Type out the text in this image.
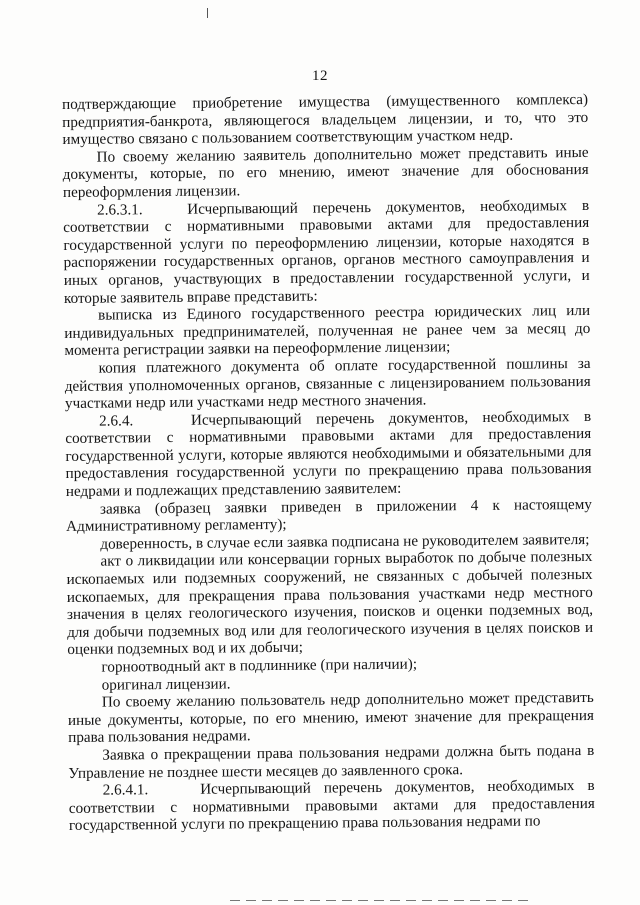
12

подтверждающие приобретение имущества (имущественного комплекса) предприятия-банкрота, являющегося владельцем лицензии, и то, что это имущество связано с пользованием соответствующим участком недр.

По своему желанию заявитель дополнительно может представить иные документы, которые, по его мнению, имеют значение для обоснования переоформления лицензии.

2.6.3.1.   Исчерпывающий перечень документов, необходимых в соответствии с нормативными правовыми актами для предоставления государственной услуги по переоформлению лицензии, которые находятся в распоряжении государственных органов, органов местного самоуправления и иных органов, участвующих в предоставлении государственной услуги, и которые заявитель вправе представить:

выписка из Единого государственного реестра юридических лиц или индивидуальных предпринимателей, полученная не ранее чем за месяц до момента регистрации заявки на переоформление лицензии;

копия платежного документа об оплате государственной пошлины за действия уполномоченных органов, связанные с лицензированием пользования участками недр или участками недр местного значения.

2.6.4.    Исчерпывающий перечень документов, необходимых в соответствии с нормативными правовыми актами для предоставления государственной услуги, которые являются необходимыми и обязательными для предоставления государственной услуги по прекращению права пользования недрами и подлежащих представлению заявителем:

заявка (образец заявки приведен в приложении 4 к настоящему Административному регламенту);

доверенность, в случае если заявка подписана не руководителем заявителя;

акт о ликвидации или консервации горных выработок по добыче полезных ископаемых или подземных сооружений, не связанных с добычей полезных ископаемых, для прекращения права пользования участками недр местного значения в целях геологического изучения, поисков и оценки подземных вод, для добычи подземных вод или для геологического изучения в целях поисков и оценки подземных вод и их добычи;

горноотводный акт в подлиннике (при наличии);

оригинал лицензии.

По своему желанию пользователь недр дополнительно может представить иные документы, которые, по его мнению, имеют значение для прекращения права пользования недрами.

Заявка о прекращении права пользования недрами должна быть подана в Управление не позднее шести месяцев до заявленного срока.

2.6.4.1.    Исчерпывающий перечень документов, необходимых в соответствии с нормативными правовыми актами для предоставления государственной услуги по прекращению права пользования недрами по
